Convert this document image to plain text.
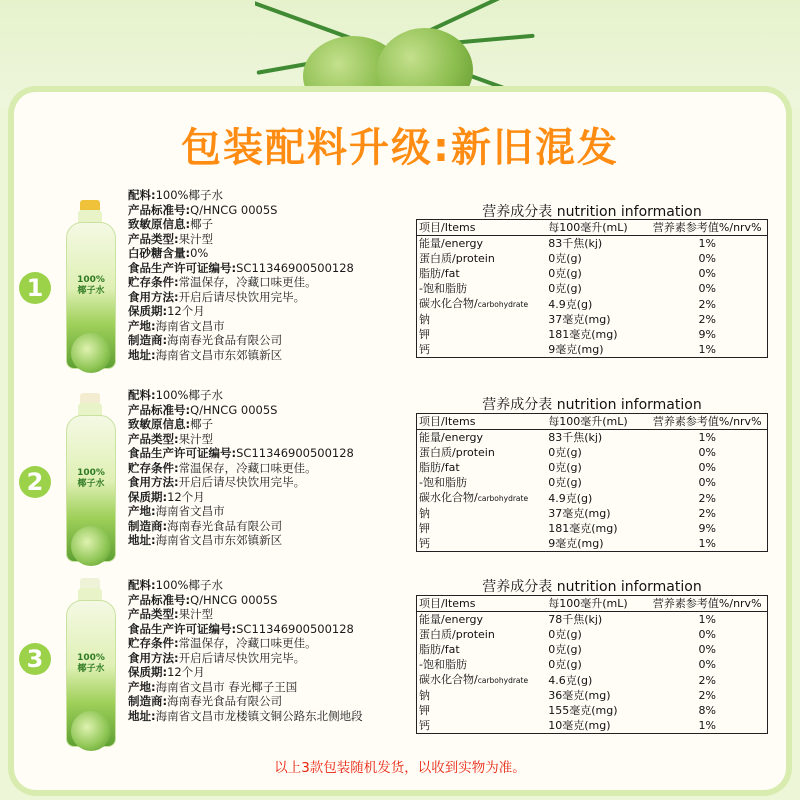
包装配料升级:新旧混发
1	100%
椰子水
配料:100%椰子水
产品标准号:Q/HNCG 0005S
致敏原信息:椰子
产品类型:果汁型
白砂糖含量:0%
食品生产许可证编号:SC11346900500128
贮存条件:常温保存，冷藏口味更佳。
食用方法:开启后请尽快饮用完毕。
保质期:12个月
产地:海南省文昌市
制造商:海南春光食品有限公司
地址:海南省文昌市东郊镇新区
营养成分表 nutrition information
项目/Items	每100毫升(mL)	营养素参考值%/nrv%
能量/energy	83千焦(kj)	1%
蛋白质/protein	0克(g)	0%
脂肪/fat	0克(g)	0%
-饱和脂肪	0克(g)	0%
碳水化合物/carbohydrate	4.9克(g)	2%
钠	37毫克(mg)	2%
钾	181毫克(mg)	9%
钙	9毫克(mg)	1%
2	100%
椰子水
配料:100%椰子水
产品标准号:Q/HNCG 0005S
致敏原信息:椰子
产品类型:果汁型
食品生产许可证编号:SC11346900500128
贮存条件:常温保存，冷藏口味更佳。
食用方法:开启后请尽快饮用完毕。
保质期:12个月
产地:海南省文昌市
制造商:海南春光食品有限公司
地址:海南省文昌市东郊镇新区
营养成分表 nutrition information
项目/Items	每100毫升(mL)	营养素参考值%/nrv%
能量/energy	83千焦(kj)	1%
蛋白质/protein	0克(g)	0%
脂肪/fat	0克(g)	0%
-饱和脂肪	0克(g)	0%
碳水化合物/carbohydrate	4.9克(g)	2%
钠	37毫克(mg)	2%
钾	181毫克(mg)	9%
钙	9毫克(mg)	1%
3	100%
椰子水
配料:100%椰子水
产品标准号:Q/HNCG 0005S
产品类型:果汁型
食品生产许可证编号:SC11346900500128
贮存条件:常温保存，冷藏口味更佳。
食用方法:开启后请尽快饮用完毕。
保质期:12个月
产地:海南省文昌市 春光椰子王国
制造商:海南春光食品有限公司
地址:海南省文昌市龙楼镇文铜公路东北侧地段
营养成分表 nutrition information
项目/Items	每100毫升(mL)	营养素参考值%/nrv%
能量/energy	78千焦(kj)	1%
蛋白质/protein	0克(g)	0%
脂肪/fat	0克(g)	0%
-饱和脂肪	0克(g)	0%
碳水化合物/carbohydrate	4.6克(g)	2%
钠	36毫克(mg)	2%
钾	155毫克(mg)	8%
钙	10毫克(mg)	1%
以上3款包装随机发货，以收到实物为准。
